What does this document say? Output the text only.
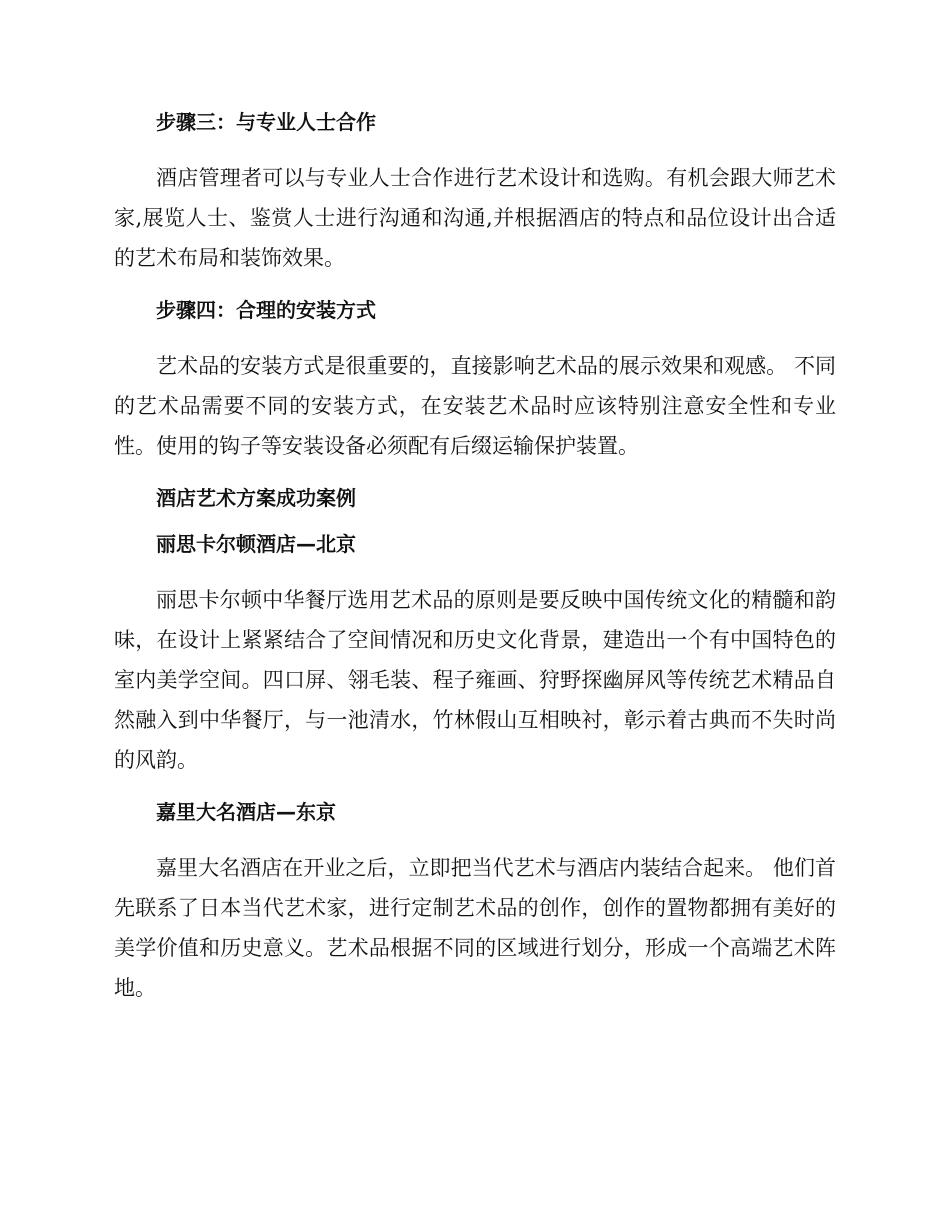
步骤三：与专业人士合作

酒店管理者可以与专业人士合作进行艺术设计和选购。有机会跟大师艺术家,展览人士、鉴赏人士进行沟通和沟通,并根据酒店的特点和品位设计出合适的艺术布局和装饰效果。

步骤四：合理的安装方式

艺术品的安装方式是很重要的，直接影响艺术品的展示效果和观感。 不同的艺术品需要不同的安装方式，在安装艺术品时应该特别注意安全性和专业性。使用的钩子等安装设备必须配有后缀运输保护装置。

酒店艺术方案成功案例
丽思卡尔顿酒店—北京

丽思卡尔顿中华餐厅选用艺术品的原则是要反映中国传统文化的精髓和韵味，在设计上紧紧结合了空间情况和历史文化背景，建造出一个有中国特色的室内美学空间。四口屏、翎毛装、程子雍画、狩野探幽屏风等传统艺术精品自然融入到中华餐厅，与一池清水，竹林假山互相映衬，彰示着古典而不失时尚的风韵。

嘉里大名酒店—东京

嘉里大名酒店在开业之后，立即把当代艺术与酒店内装结合起来。 他们首先联系了日本当代艺术家，进行定制艺术品的创作，创作的置物都拥有美好的美学价值和历史意义。艺术品根据不同的区域进行划分，形成一个高端艺术阵地。
